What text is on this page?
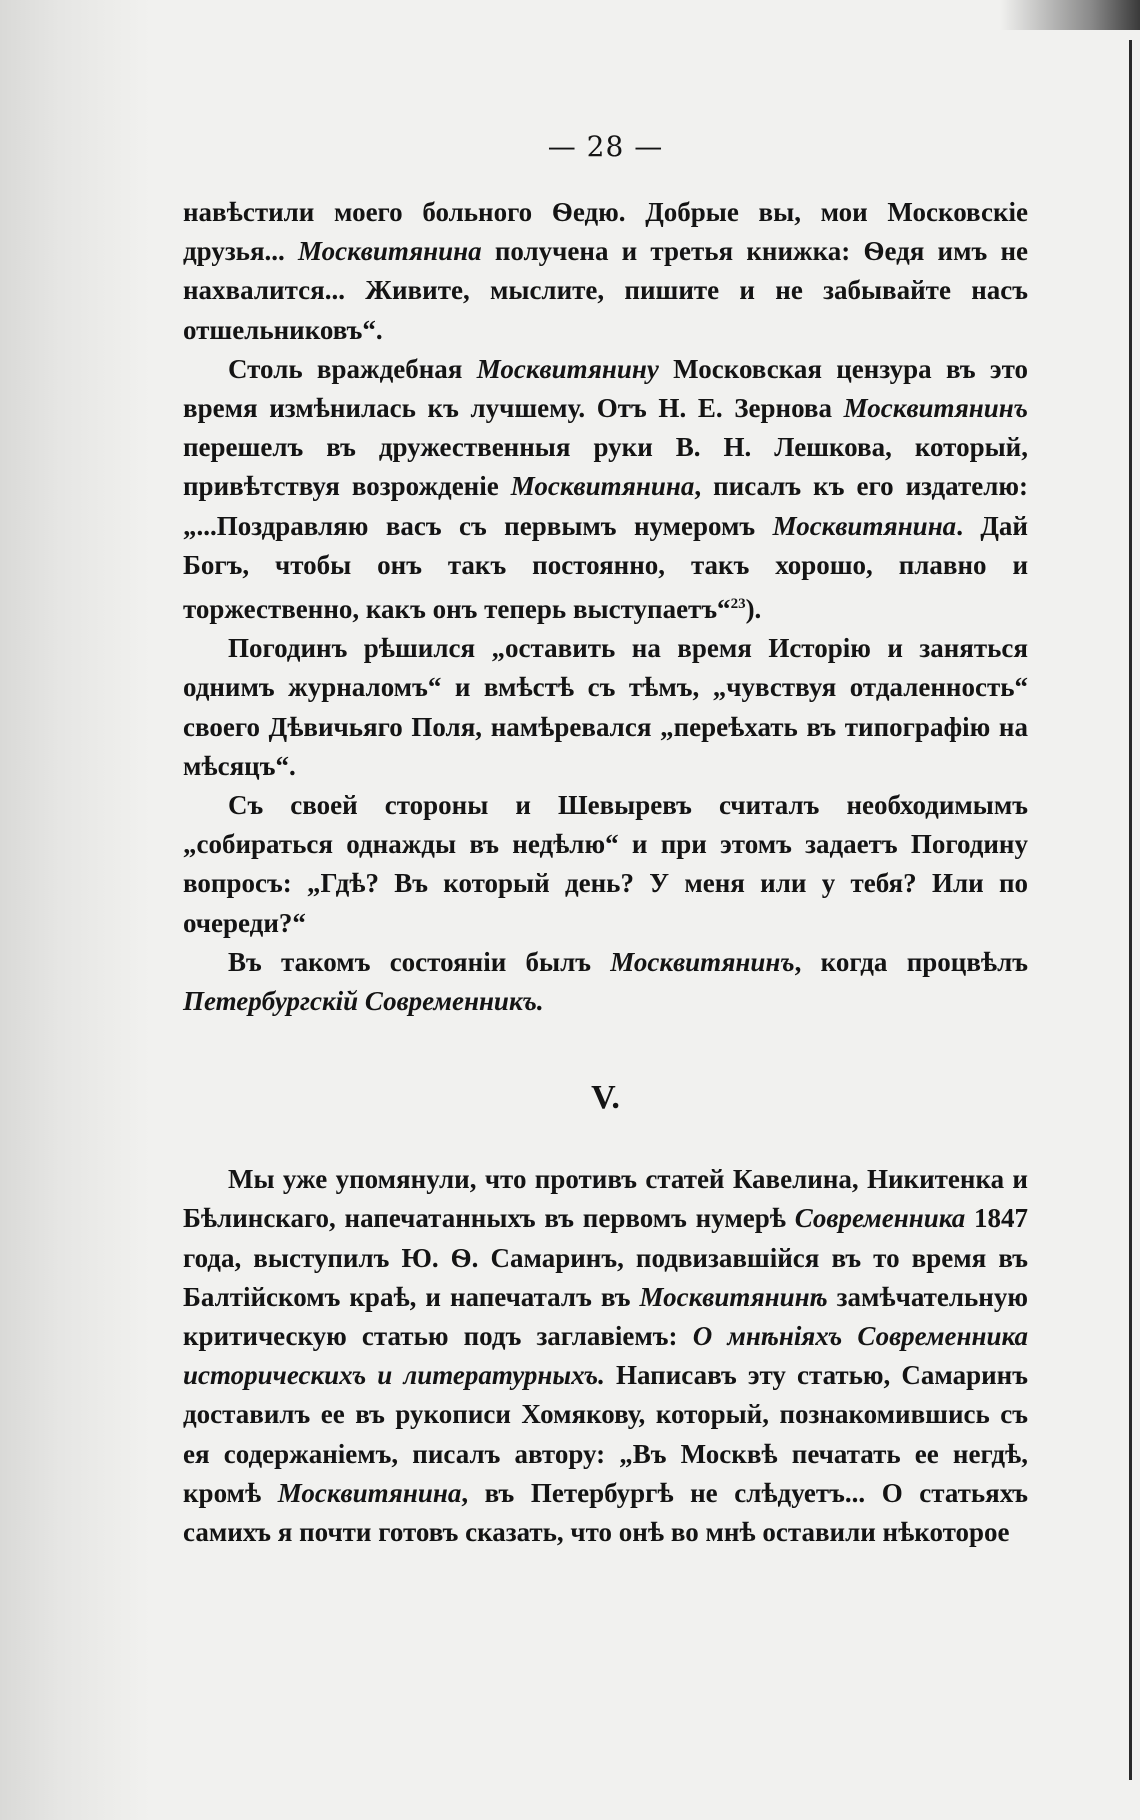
— 28 —

навѣстили моего больного Ѳедю. Добрые вы, мои Московскіе друзья... Москвитянина получена и третья книжка: Ѳедя имъ не нахвалится... Живите, мыслите, пишите и не забывайте насъ отшельниковъ“.

Столь враждебная Москвитянину Московская цензура въ это время измѣнилась къ лучшему. Отъ Н. Е. Зернова Москвитянинъ перешелъ въ дружественныя руки В. Н. Лешкова, который, привѣтствуя возрожденіе Москвитянина, писалъ къ его издателю: „...Поздравляю васъ съ первымъ нумеромъ Москвитянина. Дай Богъ, чтобы онъ такъ постоянно, такъ хорошо, плавно и торжественно, какъ онъ теперь выступаетъ“$^{23}$).

Погодинъ рѣшился „оставить на время Исторію и заняться однимъ журналомъ“ и вмѣстѣ съ тѣмъ, „чувствуя отдаленность“ своего Дѣвичьяго Поля, намѣревался „переѣхать въ типографію на мѣсяцъ“.

Съ своей стороны и Шевыревъ считалъ необходимымъ „собираться однажды въ недѣлю“ и при этомъ задаетъ Погодину вопросъ: „Гдѣ? Въ который день? У меня или у тебя? Или по очереди?“

Въ такомъ состояніи былъ Москвитянинъ, когда процвѣлъ Петербургскій Современникъ.

V.

Мы уже упомянули, что противъ статей Кавелина, Никитенка и Бѣлинскаго, напечатанныхъ въ первомъ нумерѣ Современника 1847 года, выступилъ Ю. Ѳ. Самаринъ, подвизавшійся въ то время въ Балтійскомъ краѣ, и напечаталъ въ Москвитянинѣ замѣчательную критическую статью подъ заглавіемъ: О мнѣніяхъ Современника историческихъ и литературныхъ. Написавъ эту статью, Самаринъ доставилъ ее въ рукописи Хомякову, который, познакомившись съ ея содержаніемъ, писалъ автору: „Въ Москвѣ печатать ее негдѣ, кромѣ Москвитянина, въ Петербургѣ не слѣдуетъ... О статьяхъ самихъ я почти готовъ сказать, что онѣ во мнѣ оставили нѣкоторое
